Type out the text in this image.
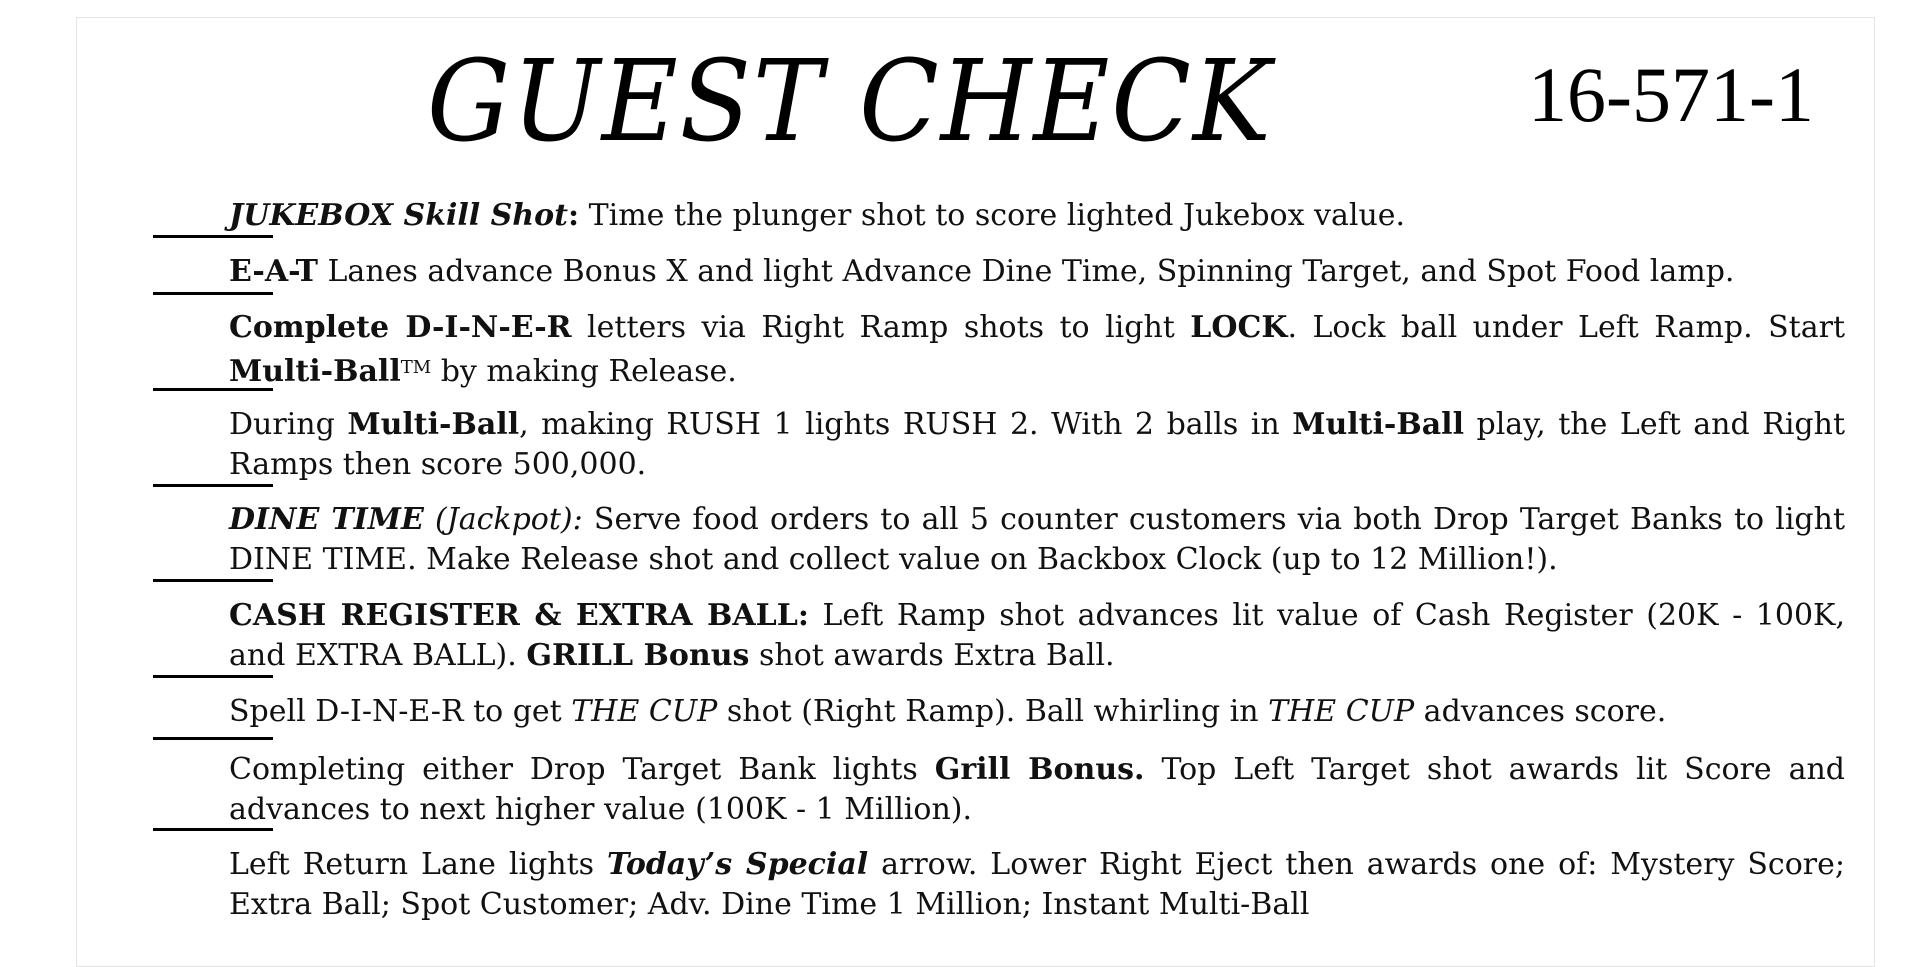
GUEST CHECK	16-571-1
JUKEBOX Skill Shot: Time the plunger shot to score lighted Jukebox value.
E-A-T Lanes advance Bonus X and light Advance Dine Time, Spinning Target, and Spot Food lamp.
Complete D-I-N-E-R letters via Right Ramp shots to light LOCK. Lock ball under Left Ramp. Start Multi-Ball™ by making Release.
During Multi-Ball, making RUSH 1 lights RUSH 2. With 2 balls in Multi-Ball play, the Left and Right Ramps then score 500,000.
DINE TIME (Jackpot): Serve food orders to all 5 counter customers via both Drop Target Banks to light DINE TIME. Make Release shot and collect value on Backbox Clock (up to 12 Million!).
CASH REGISTER & EXTRA BALL: Left Ramp shot advances lit value of Cash Register (20K - 100K, and EXTRA BALL). GRILL Bonus shot awards Extra Ball.
Spell D-I-N-E-R to get THE CUP shot (Right Ramp). Ball whirling in THE CUP advances score.
Completing either Drop Target Bank lights Grill Bonus. Top Left Target shot awards lit Score and advances to next higher value (100K - 1 Million).
Left Return Lane lights Today’s Special arrow. Lower Right Eject then awards one of: Mystery Score; Extra Ball; Spot Customer; Adv. Dine Time 1 Million; Instant Multi-Ball
